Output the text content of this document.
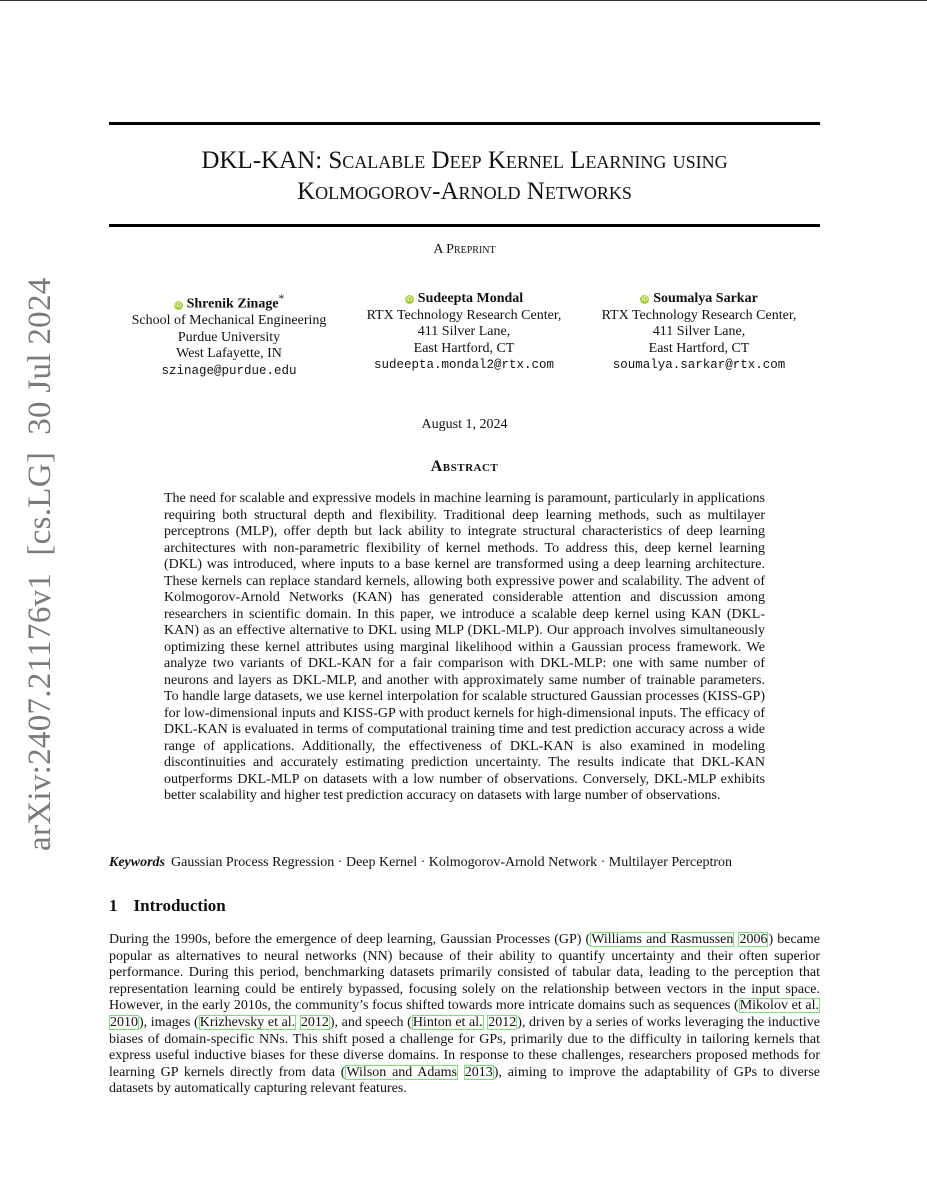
arXiv:2407.21176v1  [cs.LG]  30 Jul 2024
DKL-KAN: Scalable Deep Kernel Learning using
Kolmogorov-Arnold Networks
A Preprint
iD Shrenik Zinage*
School of Mechanical Engineering
Purdue University
West Lafayette, IN
szinage@purdue.edu
iD Sudeepta Mondal
RTX Technology Research Center,
411 Silver Lane,
East Hartford, CT
sudeepta.mondal2@rtx.com
iD Soumalya Sarkar
RTX Technology Research Center,
411 Silver Lane,
East Hartford, CT
soumalya.sarkar@rtx.com
August 1, 2024
Abstract

The need for scalable and expressive models in machine learning is paramount, particularly in applications requiring both structural depth and flexibility. Traditional deep learning methods, such as multilayer perceptrons (MLP), offer depth but lack ability to integrate structural characteristics of deep learning architectures with non-parametric flexibility of kernel methods. To address this, deep kernel learning (DKL) was introduced, where inputs to a base kernel are transformed using a deep learning architecture. These kernels can replace standard kernels, allowing both expressive power and scalability. The advent of Kolmogorov-Arnold Networks (KAN) has generated considerable attention and discussion among researchers in scientific domain. In this paper, we introduce a scalable deep kernel using KAN (DKL-KAN) as an effective alternative to DKL using MLP (DKL-MLP). Our approach involves simultaneously optimizing these kernel attributes using marginal likelihood within a Gaussian process framework. We analyze two variants of DKL-KAN for a fair comparison with DKL-MLP: one with same number of neurons and layers as DKL-MLP, and another with approximately same number of trainable parameters. To handle large datasets, we use kernel interpolation for scalable structured Gaussian processes (KISS-GP) for low-dimensional inputs and KISS-GP with product kernels for high-dimensional inputs. The efficacy of DKL-KAN is evaluated in terms of computational training time and test prediction accuracy across a wide range of applications. Additionally, the effectiveness of DKL-KAN is also examined in modeling discontinuities and accurately estimating prediction uncertainty. The results indicate that DKL-KAN outperforms DKL-MLP on datasets with a low number of observations. Conversely, DKL-MLP exhibits better scalability and higher test prediction accuracy on datasets with large number of observations.

Keywords Gaussian Process Regression · Deep Kernel · Kolmogorov-Arnold Network · Multilayer Perceptron
1 Introduction

During the 1990s, before the emergence of deep learning, Gaussian Processes (GP) (Williams and Rasmussen 2006) became popular as alternatives to neural networks (NN) because of their ability to quantify uncertainty and their often superior performance. During this period, benchmarking datasets primarily consisted of tabular data, leading to the perception that representation learning could be entirely bypassed, focusing solely on the relationship between vectors in the input space. However, in the early 2010s, the community’s focus shifted towards more intricate domains such as sequences (Mikolov et al. 2010), images (Krizhevsky et al. 2012), and speech (Hinton et al. 2012), driven by a series of works leveraging the inductive biases of domain-specific NNs. This shift posed a challenge for GPs, primarily due to the difficulty in tailoring kernels that express useful inductive biases for these diverse domains. In response to these challenges, researchers proposed methods for learning GP kernels directly from data (Wilson and Adams 2013), aiming to improve the adaptability of GPs to diverse datasets by automatically capturing relevant features.
